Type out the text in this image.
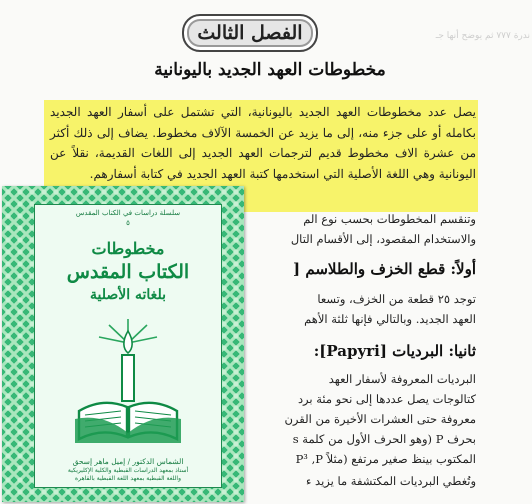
ندرة ٧٧٧ ثم يوضح أنها جـ
الفصل الثالث
مخطوطات العهد الجديد باليونانية
يصل عدد مخطوطات العهد الجديد باليونانية، التي تشتمل على أسفار العهد الجديد بكامله أو على جزء منه، إلى ما يزيد عن الخمسة الآلاف مخطوط. يضاف إلى ذلك أكثر من عشرة الاف مخطوط قديم لترجمات العهد الجديد إلى اللغات القديمة، نقلاً عن اليونانية وهي اللغة الأصلية التي استخدمها كتبة العهد الجديد في كتابة أسفارهم.
وتنقسم المخطوطات بحسب نوع الم
والاستخدام المقصود، إلى الأقسام التال
أولاً: قطع الخزف والطلاسم [
توجد ٢٥ قطعة من الخزف، وتسعا
العهد الجديد. وبالتالي فإنها ثلثة الأهم
ثانيا: البرديات [Papyri]:
البرديات المعروفة لأسفار العهد
كتالوجات يصل عددها إلى نحو مئة برد
معروفة حتى العشرات الأخيرة من القرن
بحرف P (وهو الحرف الأول من كلمة s
المكتوب بينظ صغير مرتفع (مثلاً P³ ,P
وتُغطي البرديات المكتشفة ما يزيد ء
سلسلة دراسات في الكتاب المقدس
٥
مخطوطات
الكتاب المقدس
بلغاته الأصلية
الشماس الدكتور / إميل ماهر إسحق
أستاذ بمعهد الدراسات القبطية والكلية الإكليريكية
واللغة القبطية بمعهد اللغة القبطية بالقاهرة
